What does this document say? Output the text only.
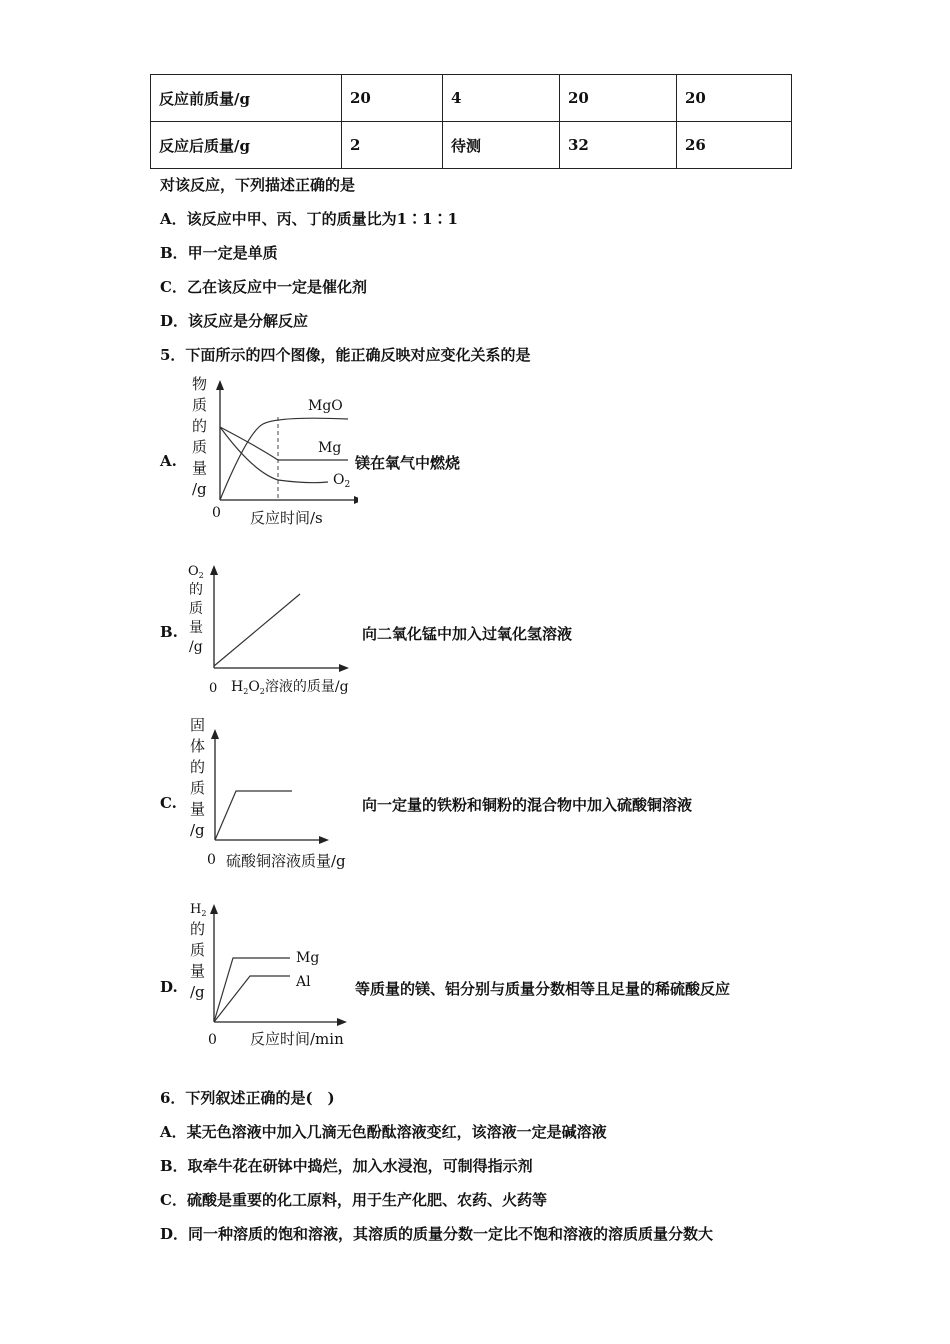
反应前质量/g	20	4	20	20
反应后质量/g	2	待测	32	26
对该反应，下列描述正确的是
A．该反应中甲、丙、丁的质量比为1∶1∶1
B．甲一定是单质
C．乙在该反应中一定是催化剂
D．该反应是分解反应
5．下面所示的四个图像，能正确反映对应变化关系的是
A.
物
质
的
质
量
/g
0 反应时间/s
MgO
Mg
$O_2$
镁在氧气中燃烧
B.
$O_2$
的
质
量
/g
0 $H_2O_2$溶液的质量/g
向二氧化锰中加入过氧化氢溶液
C.
固
体
的
质
量
/g
0 硫酸铜溶液质量/g
向一定量的铁粉和铜粉的混合物中加入硫酸铜溶液
D.
$H_2$
的
质
量
/g
Mg
Al
0 反应时间/min
等质量的镁、铝分别与质量分数相等且足量的稀硫酸反应
6．下列叙述正确的是(　)
A．某无色溶液中加入几滴无色酚酞溶液变红，该溶液一定是碱溶液
B．取牵牛花在研钵中捣烂，加入水浸泡，可制得指示剂
C．硫酸是重要的化工原料，用于生产化肥、农药、火药等
D．同一种溶质的饱和溶液，其溶质的质量分数一定比不饱和溶液的溶质质量分数大
